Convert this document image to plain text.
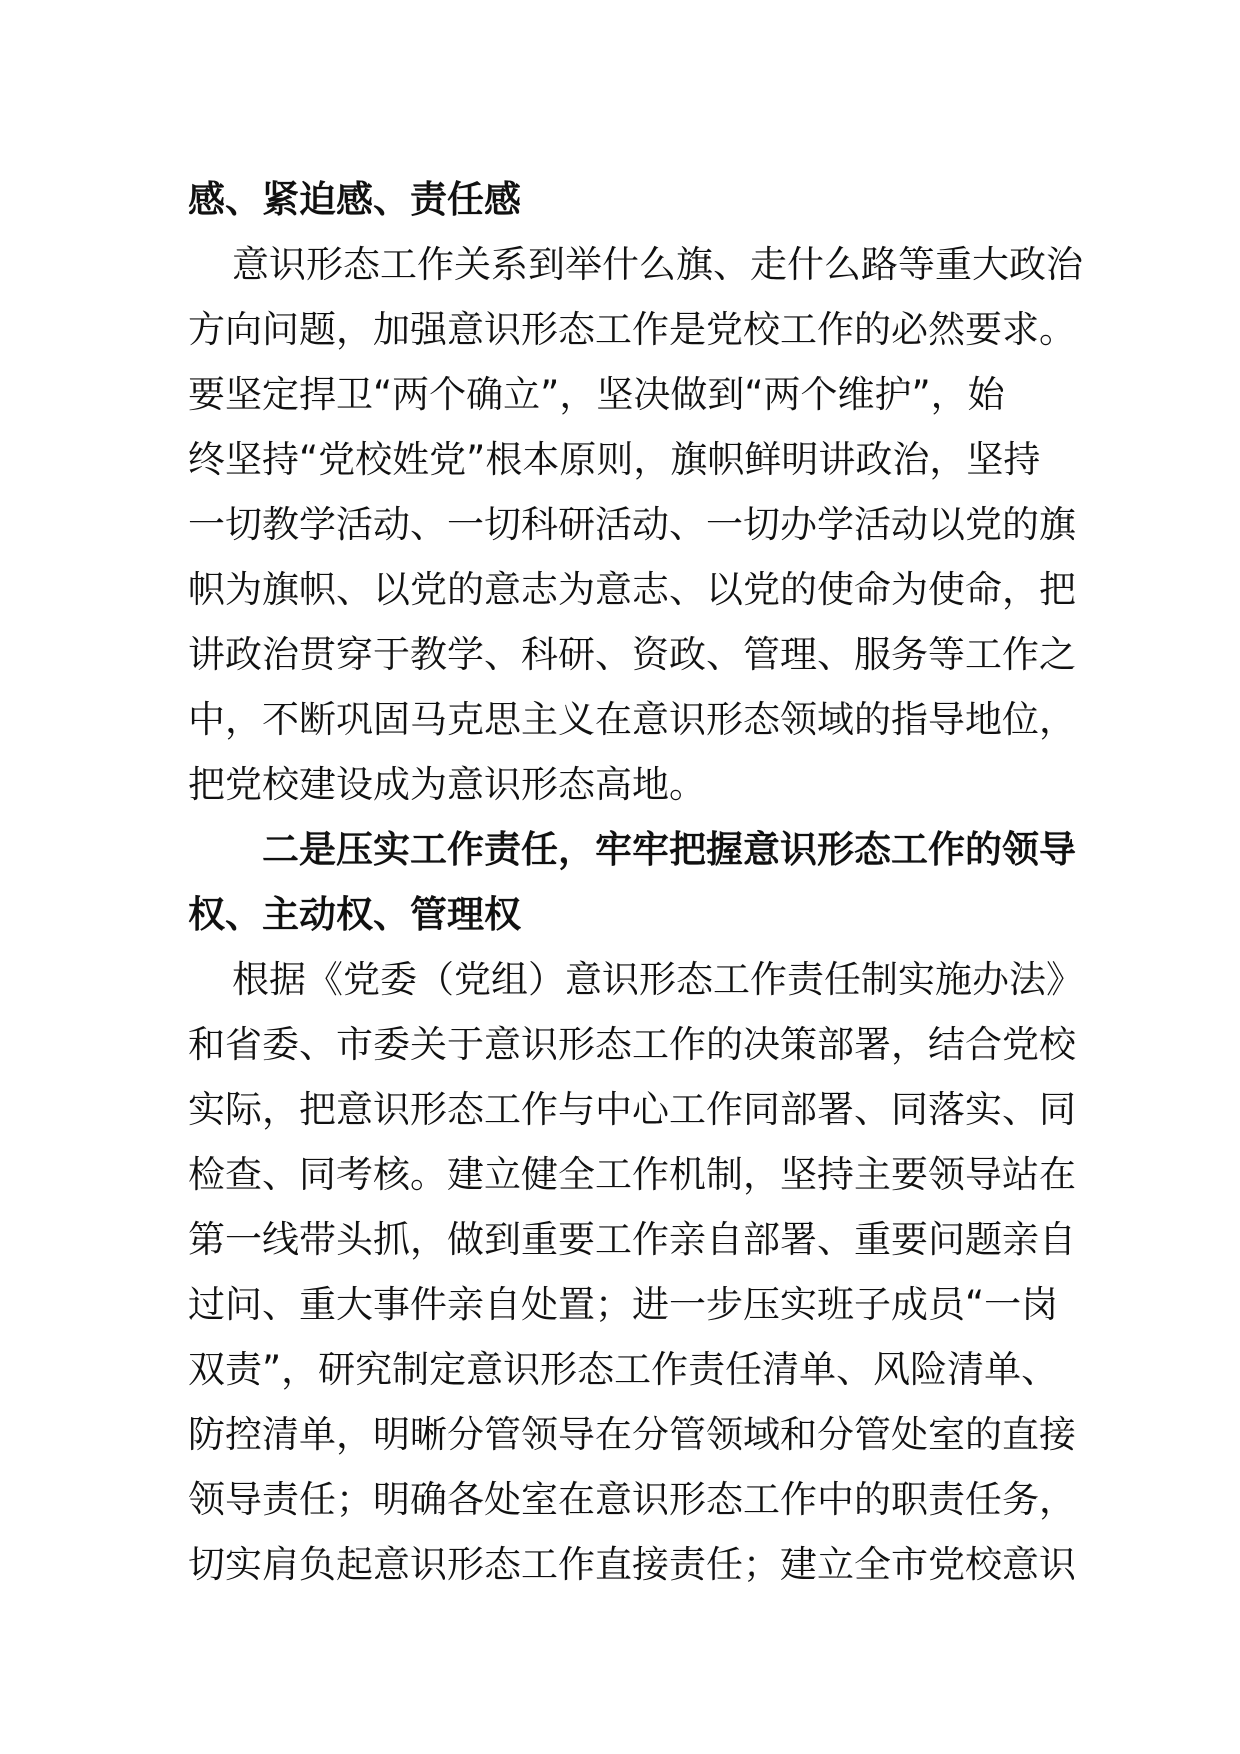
感、紧迫感、责任感
意识形态工作关系到举什么旗、走什么路等重大政治
方向问题，加强意识形态工作是党校工作的必然要求。
要坚定捍卫“两个确立”，坚决做到“两个维护”，始
终坚持“党校姓党”根本原则，旗帜鲜明讲政治，坚持
一切教学活动、一切科研活动、一切办学活动以党的旗
帜为旗帜、以党的意志为意志、以党的使命为使命，把
讲政治贯穿于教学、科研、资政、管理、服务等工作之
中，不断巩固马克思主义在意识形态领域的指导地位，
把党校建设成为意识形态高地。
二是压实工作责任，牢牢把握意识形态工作的领导
权、主动权、管理权
根据《党委（党组）意识形态工作责任制实施办法》
和省委、市委关于意识形态工作的决策部署，结合党校
实际，把意识形态工作与中心工作同部署、同落实、同
检查、同考核。建立健全工作机制，坚持主要领导站在
第一线带头抓，做到重要工作亲自部署、重要问题亲自
过问、重大事件亲自处置；进一步压实班子成员“一岗
双责”，研究制定意识形态工作责任清单、风险清单、
防控清单，明晰分管领导在分管领域和分管处室的直接
领导责任；明确各处室在意识形态工作中的职责任务，
切实肩负起意识形态工作直接责任；建立全市党校意识
